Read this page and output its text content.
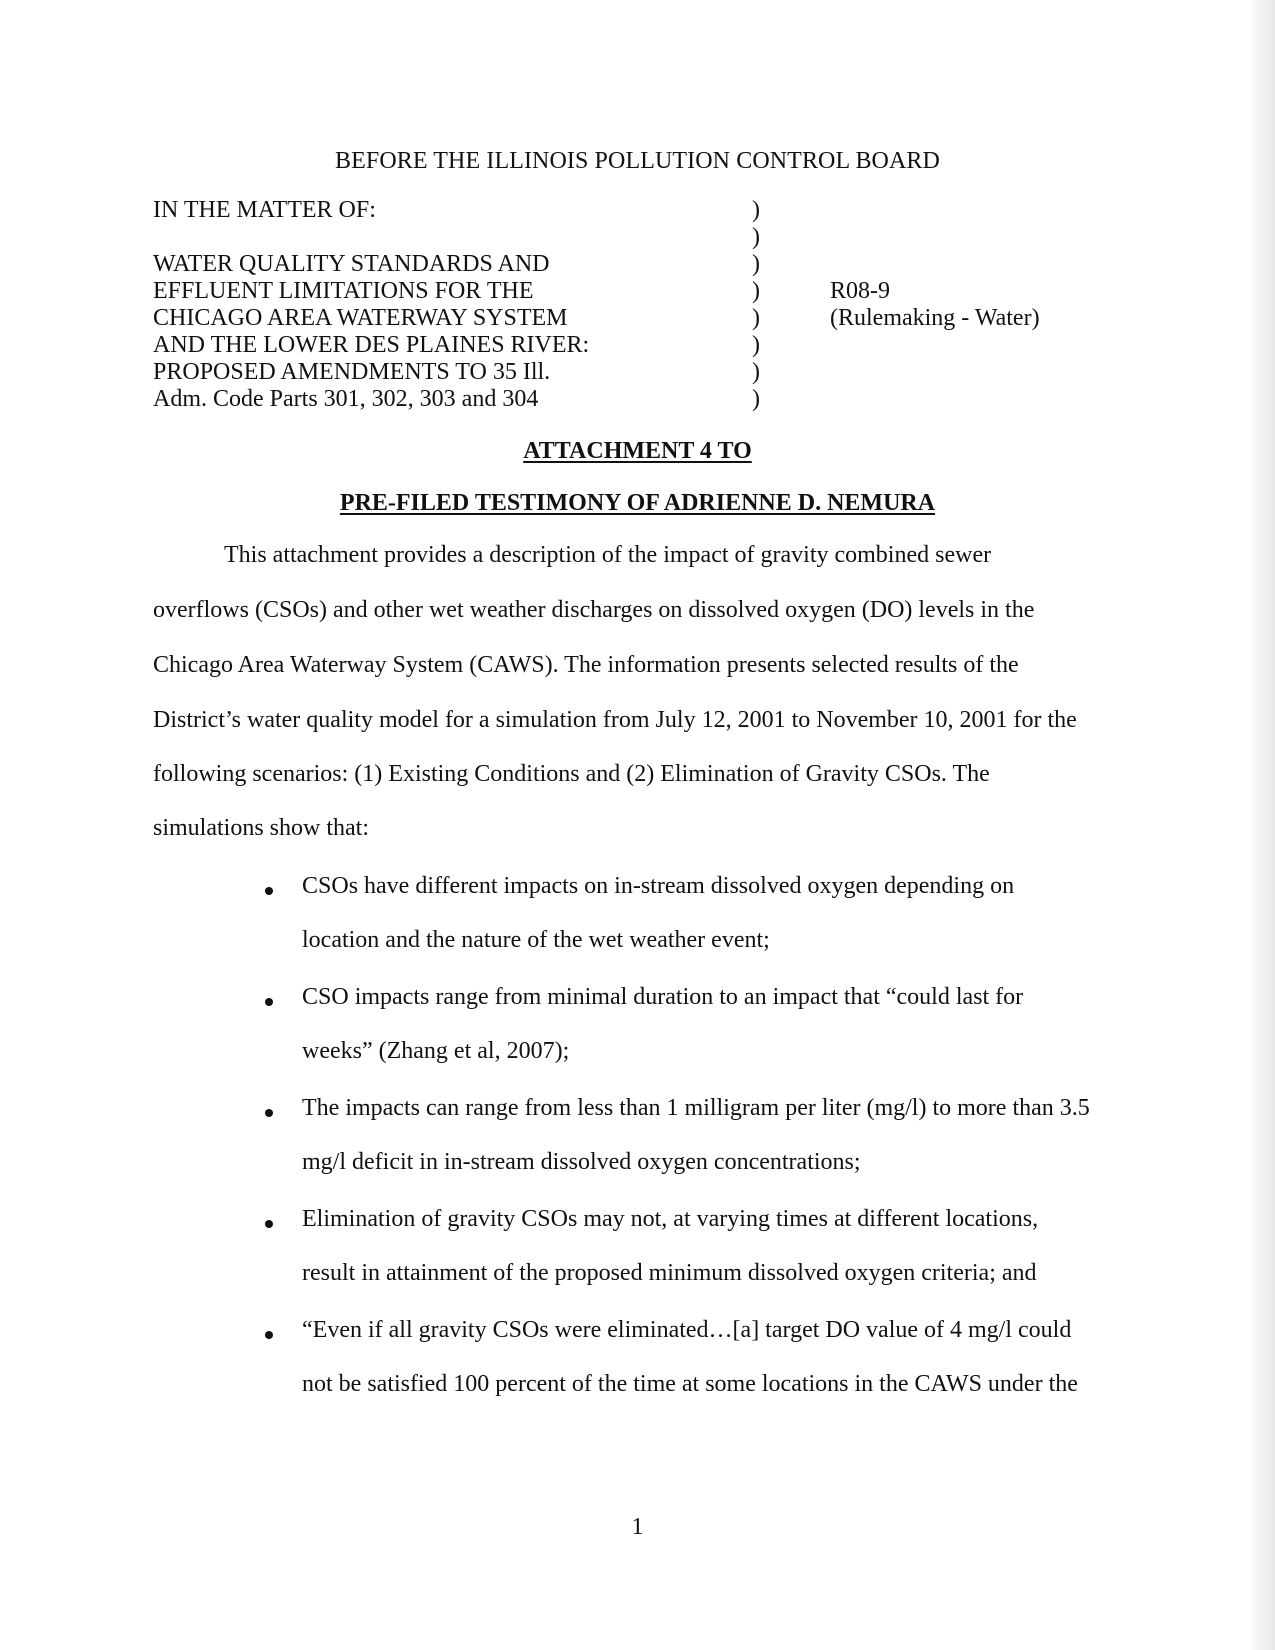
BEFORE THE ILLINOIS POLLUTION CONTROL BOARD
IN THE MATTER OF:
WATER QUALITY STANDARDS AND
EFFLUENT LIMITATIONS FOR THE
CHICAGO AREA WATERWAY SYSTEM
AND THE LOWER DES PLAINES RIVER:
PROPOSED AMENDMENTS TO 35 Ill.
Adm. Code Parts 301, 302, 303 and 304
)
)
)
)
)
)
)
)
R08-9
(Rulemaking - Water)
ATTACHMENT 4 TO
PRE-FILED TESTIMONY OF ADRIENNE D. NEMURA
This attachment provides a description of the impact of gravity combined sewer
overflows (CSOs) and other wet weather discharges on dissolved oxygen (DO) levels in the
Chicago Area Waterway System (CAWS). The information presents selected results of the
District’s water quality model for a simulation from July 12, 2001 to November 10, 2001 for the
following scenarios: (1) Existing Conditions and (2) Elimination of Gravity CSOs. The
simulations show that:
CSOs have different impacts on in-stream dissolved oxygen depending on
location and the nature of the wet weather event;
CSO impacts range from minimal duration to an impact that “could last for
weeks” (Zhang et al, 2007);
The impacts can range from less than 1 milligram per liter (mg/l) to more than 3.5
mg/l deficit in in-stream dissolved oxygen concentrations;
Elimination of gravity CSOs may not, at varying times at different locations,
result in attainment of the proposed minimum dissolved oxygen criteria; and
“Even if all gravity CSOs were eliminated…[a] target DO value of 4 mg/l could
not be satisfied 100 percent of the time at some locations in the CAWS under the
1
